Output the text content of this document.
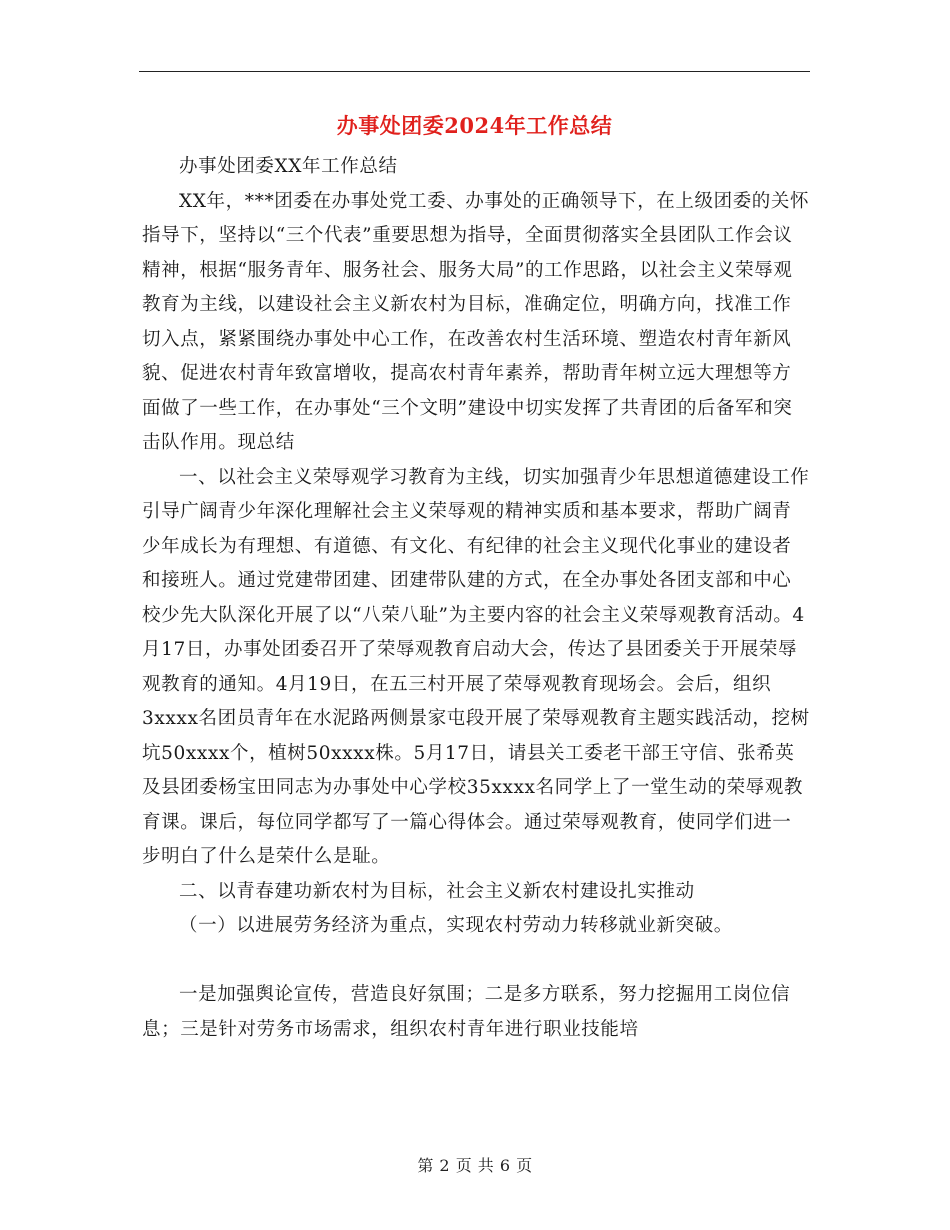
办事处团委2024年工作总结

办事处团委XX年工作总结

XX年，***团委在办事处党工委、办事处的正确领导下，在上级团委的关怀指导下，坚持以“三个代表”重要思想为指导，全面贯彻落实全县团队工作会议精神，根据“服务青年、服务社会、服务大局”的工作思路，以社会主义荣辱观教育为主线，以建设社会主义新农村为目标，准确定位，明确方向，找准工作切入点，紧紧围绕办事处中心工作，在改善农村生活环境、塑造农村青年新风貌、促进农村青年致富增收，提高农村青年素养，帮助青年树立远大理想等方面做了一些工作，在办事处“三个文明”建设中切实发挥了共青团的后备军和突击队作用。现总结

一、以社会主义荣辱观学习教育为主线，切实加强青少年思想道德建设工作　　引导广阔青少年深化理解社会主义荣辱观的精神实质和基本要求，帮助广阔青少年成长为有理想、有道德、有文化、有纪律的社会主义现代化事业的建设者和接班人。通过党建带团建、团建带队建的方式，在全办事处各团支部和中心校少先大队深化开展了以“八荣八耻”为主要内容的社会主义荣辱观教育活动。4月17日，办事处团委召开了荣辱观教育启动大会，传达了县团委关于开展荣辱观教育的通知。4月19日，在五三村开展了荣辱观教育现场会。会后，组织3xxxx名团员青年在水泥路两侧景家屯段开展了荣辱观教育主题实践活动，挖树坑50xxxx个，植树50xxxx株。5月17日，请县关工委老干部王守信、张希英及县团委杨宝田同志为办事处中心学校35xxxx名同学上了一堂生动的荣辱观教育课。课后，每位同学都写了一篇心得体会。通过荣辱观教育，使同学们进一步明白了什么是荣什么是耻。

二、以青春建功新农村为目标，社会主义新农村建设扎实推动

（一）以进展劳务经济为重点，实现农村劳动力转移就业新突破。

一是加强舆论宣传，营造良好氛围；二是多方联系，努力挖掘用工岗位信息；三是针对劳务市场需求，组织农村青年进行职业技能培

第 2 页 共 6 页
